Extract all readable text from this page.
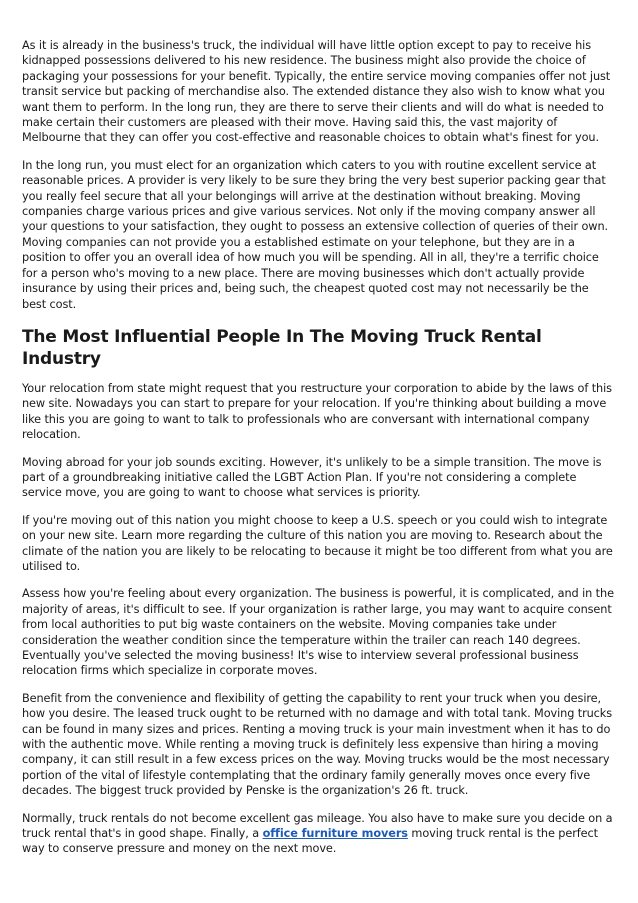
As it is already in the business's truck, the individual will have little option except to pay to receive his kidnapped possessions delivered to his new residence. The business might also provide the choice of packaging your possessions for your benefit. Typically, the entire service moving companies offer not just transit service but packing of merchandise also. The extended distance they also wish to know what you want them to perform. In the long run, they are there to serve their clients and will do what is needed to make certain their customers are pleased with their move. Having said this, the vast majority of Melbourne that they can offer you cost-effective and reasonable choices to obtain what's finest for you.

In the long run, you must elect for an organization which caters to you with routine excellent service at reasonable prices. A provider is very likely to be sure they bring the very best superior packing gear that you really feel secure that all your belongings will arrive at the destination without breaking. Moving companies charge various prices and give various services. Not only if the moving company answer all your questions to your satisfaction, they ought to possess an extensive collection of queries of their own. Moving companies can not provide you a established estimate on your telephone, but they are in a position to offer you an overall idea of how much you will be spending. All in all, they're a terrific choice for a person who's moving to a new place. There are moving businesses which don't actually provide insurance by using their prices and, being such, the cheapest quoted cost may not necessarily be the best cost.

The Most Influential People In The Moving Truck Rental Industry

Your relocation from state might request that you restructure your corporation to abide by the laws of this new site. Nowadays you can start to prepare for your relocation. If you're thinking about building a move like this you are going to want to talk to professionals who are conversant with international company relocation.

Moving abroad for your job sounds exciting. However, it's unlikely to be a simple transition. The move is part of a groundbreaking initiative called the LGBT Action Plan. If you're not considering a complete service move, you are going to want to choose what services is priority.

If you're moving out of this nation you might choose to keep a U.S. speech or you could wish to integrate on your new site. Learn more regarding the culture of this nation you are moving to. Research about the climate of the nation you are likely to be relocating to because it might be too different from what you are utilised to.

Assess how you're feeling about every organization. The business is powerful, it is complicated, and in the majority of areas, it's difficult to see. If your organization is rather large, you may want to acquire consent from local authorities to put big waste containers on the website. Moving companies take under consideration the weather condition since the temperature within the trailer can reach 140 degrees. Eventually you've selected the moving business! It's wise to interview several professional business relocation firms which specialize in corporate moves.

Benefit from the convenience and flexibility of getting the capability to rent your truck when you desire, how you desire. The leased truck ought to be returned with no damage and with total tank. Moving trucks can be found in many sizes and prices. Renting a moving truck is your main investment when it has to do with the authentic move. While renting a moving truck is definitely less expensive than hiring a moving company, it can still result in a few excess prices on the way. Moving trucks would be the most necessary portion of the vital of lifestyle contemplating that the ordinary family generally moves once every five decades. The biggest truck provided by Penske is the organization's 26 ft. truck.

Normally, truck rentals do not become excellent gas mileage. You also have to make sure you decide on a truck rental that's in good shape. Finally, a office furniture movers moving truck rental is the perfect way to conserve pressure and money on the next move.
